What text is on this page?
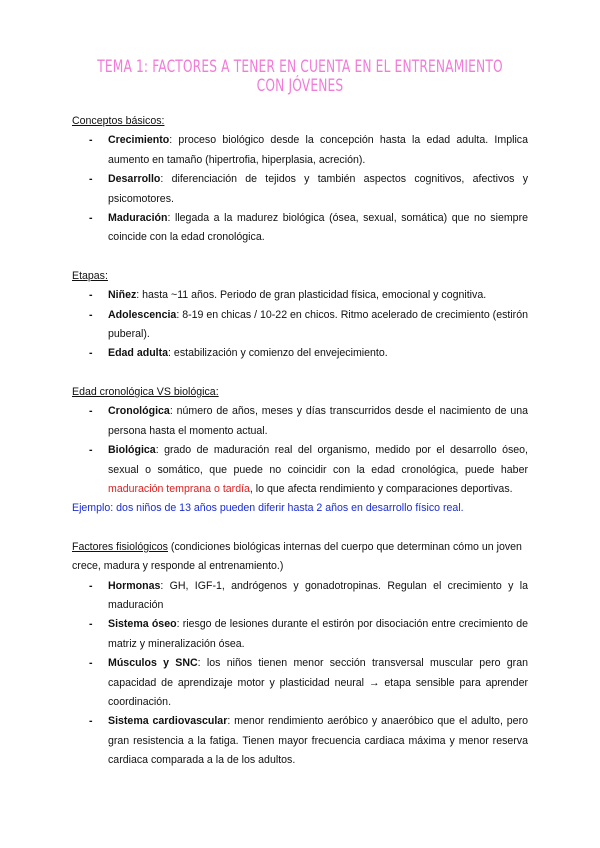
TEMA 1: FACTORES A TENER EN CUENTA EN EL ENTRENAMIENTO CON JÓVENES
Conceptos básicos:
- Crecimiento: proceso biológico desde la concepción hasta la edad adulta. Implica aumento en tamaño (hipertrofia, hiperplasia, acreción).
- Desarrollo: diferenciación de tejidos y también aspectos cognitivos, afectivos y psicomotores.
- Maduración: llegada a la madurez biológica (ósea, sexual, somática) que no siempre coincide con la edad cronológica.
Etapas:
- Niñez: hasta ~11 años. Periodo de gran plasticidad física, emocional y cognitiva.
- Adolescencia: 8-19 en chicas / 10-22 en chicos. Ritmo acelerado de crecimiento (estirón puberal).
- Edad adulta: estabilización y comienzo del envejecimiento.
Edad cronológica VS biológica:
- Cronológica: número de años, meses y días transcurridos desde el nacimiento de una persona hasta el momento actual.
- Biológica: grado de maduración real del organismo, medido por el desarrollo óseo, sexual o somático, que puede no coincidir con la edad cronológica, puede haber maduración temprana o tardía, lo que afecta rendimiento y comparaciones deportivas.
Ejemplo: dos niños de 13 años pueden diferir hasta 2 años en desarrollo físico real.
Factores fisiológicos (condiciones biológicas internas del cuerpo que determinan cómo un joven crece, madura y responde al entrenamiento.)
- Hormonas: GH, IGF-1, andrógenos y gonadotropinas. Regulan el crecimiento y la maduración
- Sistema óseo: riesgo de lesiones durante el estirón por disociación entre crecimiento de matriz y mineralización ósea.
- Músculos y SNC: los niños tienen menor sección transversal muscular pero gran capacidad de aprendizaje motor y plasticidad neural → etapa sensible para aprender coordinación.
- Sistema cardiovascular: menor rendimiento aeróbico y anaeróbico que el adulto, pero gran resistencia a la fatiga. Tienen mayor frecuencia cardiaca máxima y menor reserva cardiaca comparada a la de los adultos.
